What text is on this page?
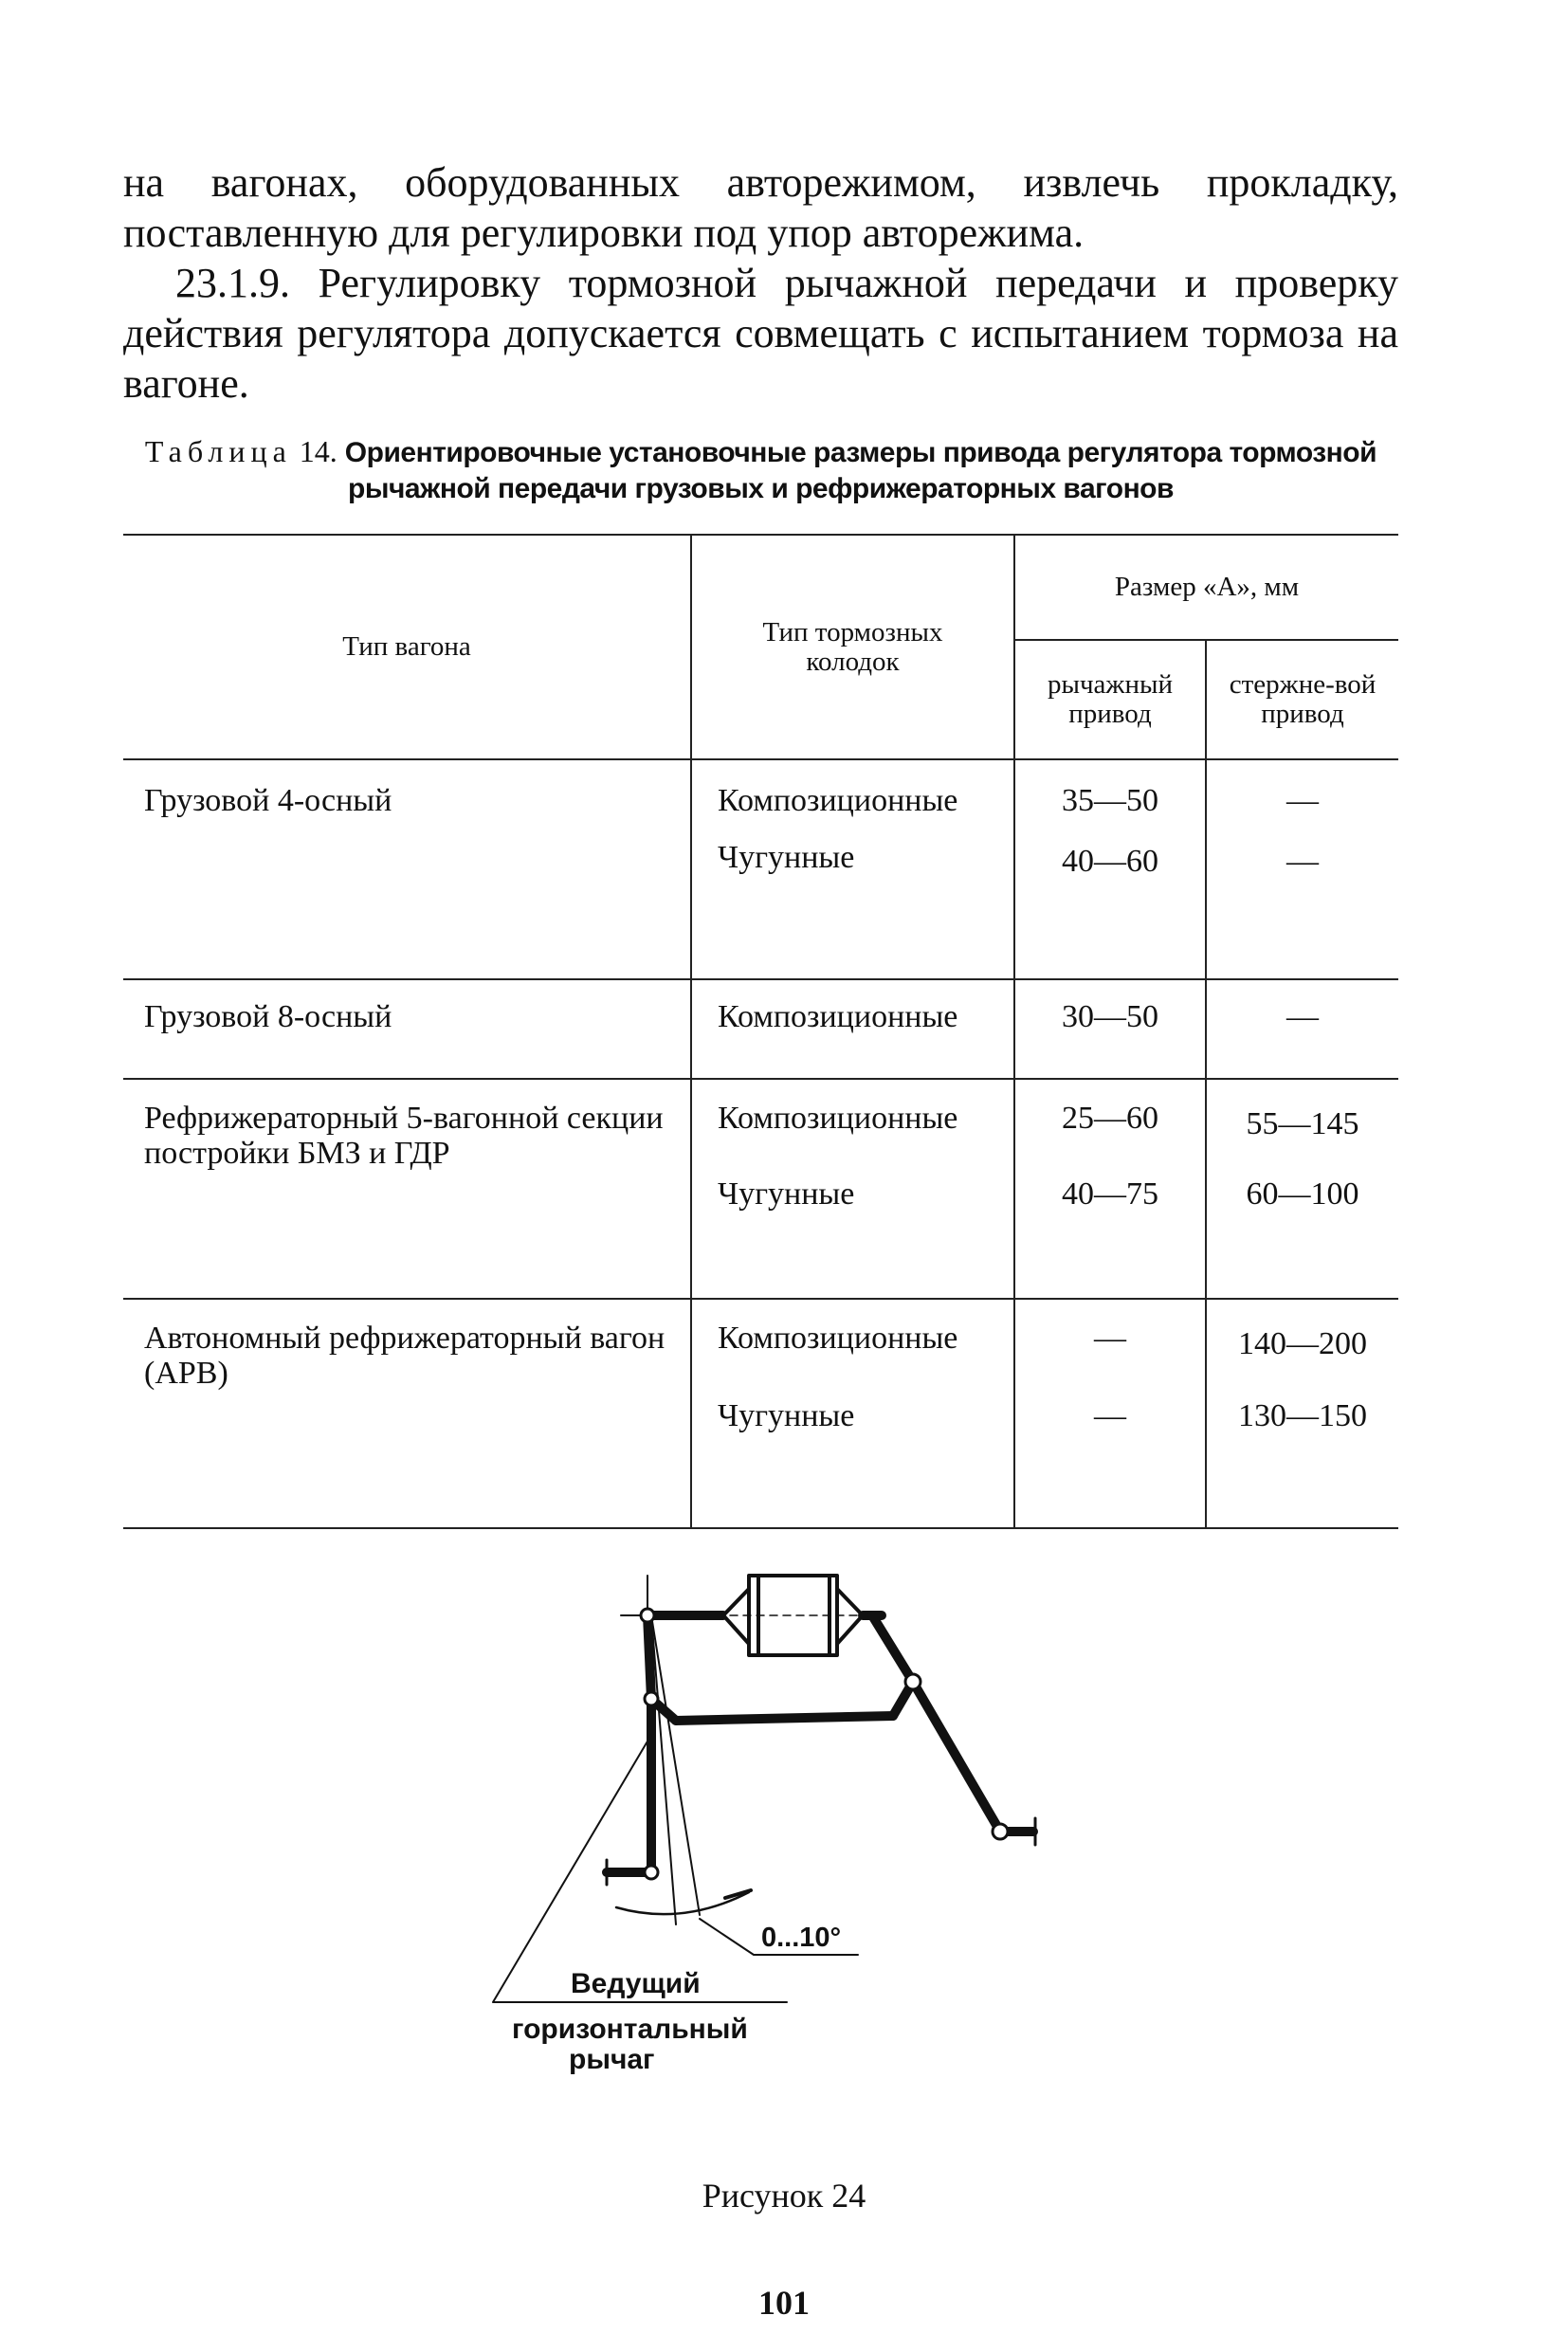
на вагонах, оборудованных авторежимом, извлечь прокладку, поставленную для регулировки под упор авторежима.

23.1.9. Регулировку тормозной рычажной передачи и проверку действия регулятора допускается совмещать с испытанием тормоза на вагоне.

Таблица 14. Ориентировочные установочные размеры привода регулятора тормозной рычажной передачи грузовых и рефрижераторных вагонов
Тип вагона	Тип тормозных колодок	Размер «А», мм	

		рычажный привод	стержне-вой привод

Грузовой 4-осный	Композиционные	35—50	—
	Чугунные	40—60	—
Грузовой 8-осный	Композиционные	30—50	—
Рефрижераторный 5-вагонной секции постройки БМЗ и ГДР	Композиционные	25—60	55—145
	Чугунные	40—75	60—100
Автономный рефрижераторный вагон (АРВ)	Композиционные	—	140—200
	Чугунные	—	130—150
0...10°
Ведущий
горизонтальный
рычаг
Рисунок 24
101
